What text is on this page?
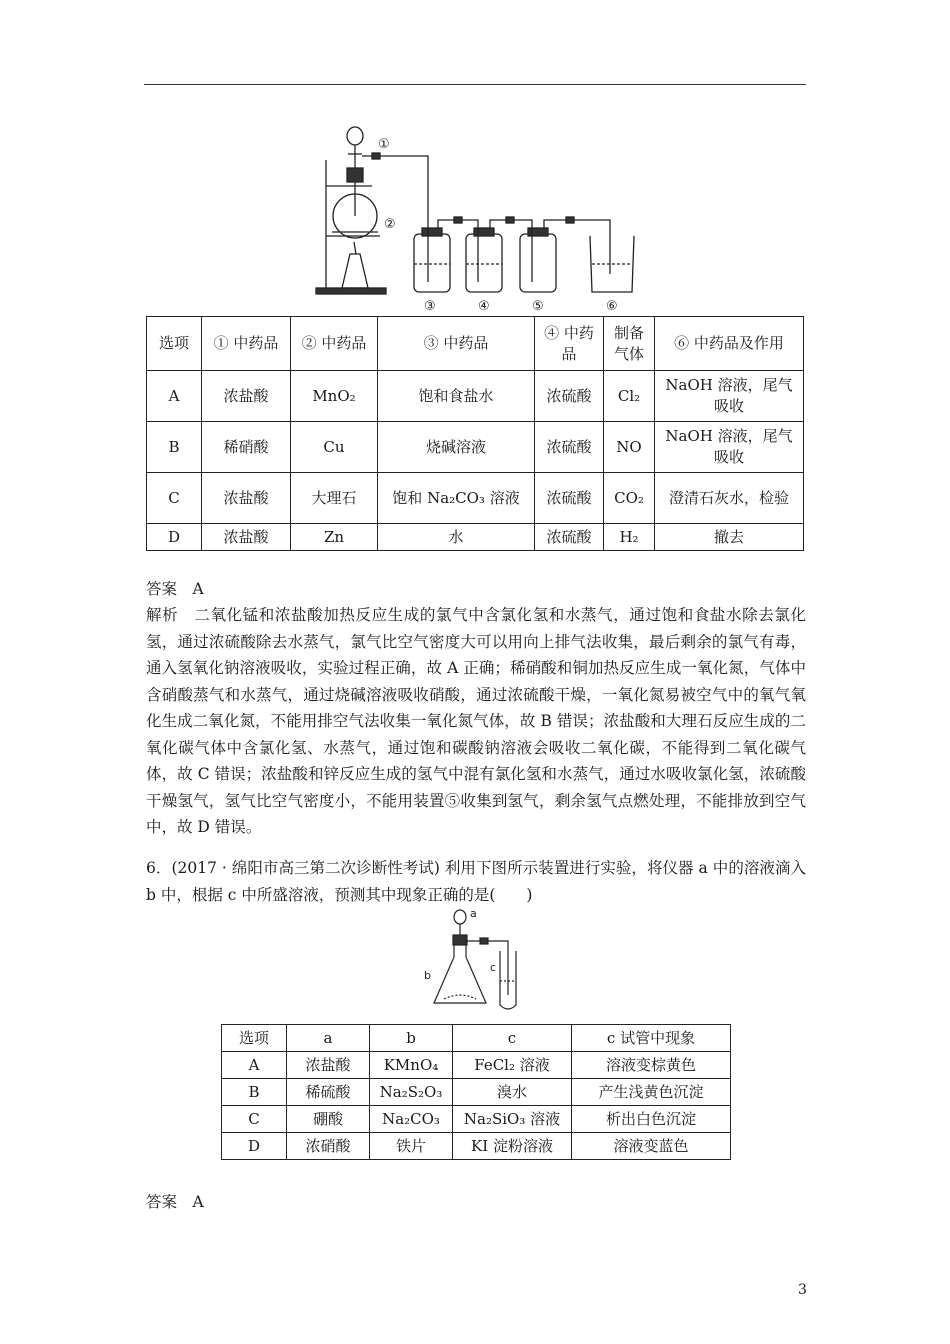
①
②
③	④	⑤	⑥
选项	① 中药品	② 中药品	③ 中药品	④ 中药品	制备气体	⑥ 中药品及作用
A	浓盐酸	MnO₂	饱和食盐水	浓硫酸	Cl₂	NaOH 溶液，尾气吸收
B	稀硝酸	Cu	烧碱溶液	浓硫酸	NO	NaOH 溶液，尾气吸收
C	浓盐酸	大理石	饱和 Na₂CO₃ 溶液	浓硫酸	CO₂	澄清石灰水，检验
D	浓盐酸	Zn	水	浓硫酸	H₂	撤去
答案　A
解析　二氧化锰和浓盐酸加热反应生成的氯气中含氯化氢和水蒸气，通过饱和食盐水除去氯化氢，通过浓硫酸除去水蒸气，氯气比空气密度大可以用向上排气法收集，最后剩余的氯气有毒，通入氢氧化钠溶液吸收，实验过程正确，故 A 正确；稀硝酸和铜加热反应生成一氧化氮，气体中含硝酸蒸气和水蒸气，通过烧碱溶液吸收硝酸，通过浓硫酸干燥，一氧化氮易被空气中的氧气氧化生成二氧化氮，不能用排空气法收集一氧化氮气体，故 B 错误；浓盐酸和大理石反应生成的二氧化碳气体中含氯化氢、水蒸气，通过饱和碳酸钠溶液会吸收二氧化碳，不能得到二氧化碳气体，故 C 错误；浓盐酸和锌反应生成的氢气中混有氯化氢和水蒸气，通过水吸收氯化氢，浓硫酸干燥氢气，氢气比空气密度小，不能用装置⑤收集到氢气，剩余氢气点燃处理，不能排放到空气中，故 D 错误。
6．(2017 · 绵阳市高三第二次诊断性考试) 利用下图所示装置进行实验，将仪器 a 中的溶液滴入 b 中，根据 c 中所盛溶液，预测其中现象正确的是(　　)
a
b
c
选项	a	b	c	c 试管中现象
A	浓盐酸	KMnO₄	FeCl₂ 溶液	溶液变棕黄色
B	稀硫酸	Na₂S₂O₃	溴水	产生浅黄色沉淀
C	硼酸	Na₂CO₃	Na₂SiO₃ 溶液	析出白色沉淀
D	浓硝酸	铁片	KI 淀粉溶液	溶液变蓝色
答案　A
3
